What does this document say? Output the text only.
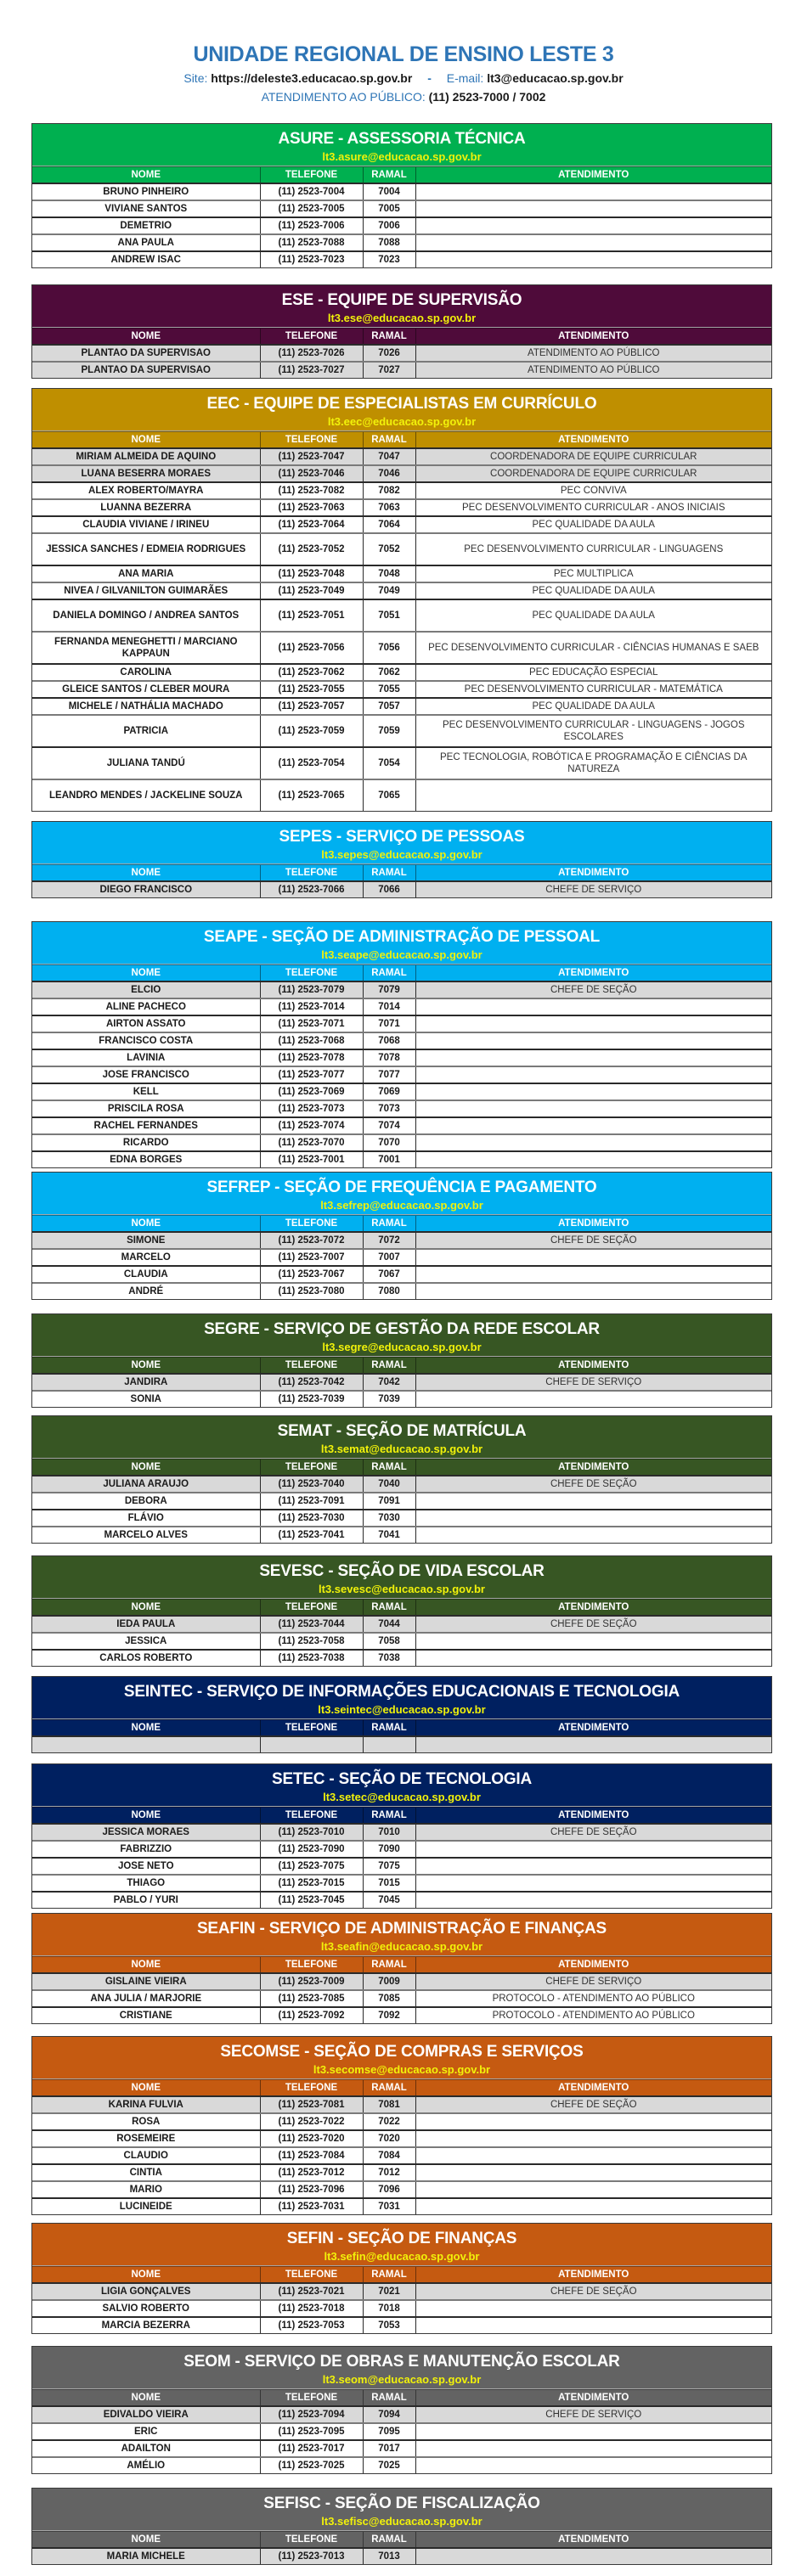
UNIDADE REGIONAL DE ENSINO LESTE 3
Site: https://deleste3.educacao.sp.gov.br - E-mail: lt3@educacao.sp.gov.br
ATENDIMENTO AO PÚBLICO: (11) 2523-7000 / 7002
ASURE - ASSESSORIA TÉCNICA
lt3.asure@educacao.sp.gov.br
NOME	TELEFONE	RAMAL	ATENDIMENTO
BRUNO PINHEIRO	(11) 2523-7004	7004	
VIVIANE SANTOS	(11) 2523-7005	7005	
DEMETRIO	(11) 2523-7006	7006	
ANA PAULA	(11) 2523-7088	7088	
ANDREW ISAC	(11) 2523-7023	7023	
ESE - EQUIPE DE SUPERVISÃO
lt3.ese@educacao.sp.gov.br
NOME	TELEFONE	RAMAL	ATENDIMENTO
PLANTAO DA SUPERVISAO	(11) 2523-7026	7026	ATENDIMENTO AO PÚBLICO
PLANTAO DA SUPERVISAO	(11) 2523-7027	7027	ATENDIMENTO AO PÚBLICO
EEC - EQUIPE DE ESPECIALISTAS EM CURRÍCULO
lt3.eec@educacao.sp.gov.br
NOME	TELEFONE	RAMAL	ATENDIMENTO
MIRIAM ALMEIDA DE AQUINO	(11) 2523-7047	7047	COORDENADORA DE EQUIPE CURRICULAR
LUANA BESERRA MORAES	(11) 2523-7046	7046	COORDENADORA DE EQUIPE CURRICULAR
ALEX ROBERTO/MAYRA	(11) 2523-7082	7082	PEC CONVIVA
LUANNA BEZERRA	(11) 2523-7063	7063	PEC DESENVOLVIMENTO CURRICULAR - ANOS INICIAIS
CLAUDIA VIVIANE / IRINEU	(11) 2523-7064	7064	PEC QUALIDADE DA AULA
JESSICA SANCHES / EDMEIA RODRIGUES	(11) 2523-7052	7052	PEC DESENVOLVIMENTO CURRICULAR - LINGUAGENS
ANA MARIA	(11) 2523-7048	7048	PEC MULTIPLICA
NIVEA / GILVANILTON GUIMARÃES	(11) 2523-7049	7049	PEC QUALIDADE DA AULA
DANIELA DOMINGO / ANDREA SANTOS	(11) 2523-7051	7051	PEC QUALIDADE DA AULA
FERNANDA MENEGHETTI / MARCIANO KAPPAUN	(11) 2523-7056	7056	PEC DESENVOLVIMENTO CURRICULAR - CIÊNCIAS HUMANAS E SAEB
CAROLINA	(11) 2523-7062	7062	PEC EDUCAÇÃO ESPECIAL
GLEICE SANTOS / CLEBER MOURA	(11) 2523-7055	7055	PEC DESENVOLVIMENTO CURRICULAR - MATEMÁTICA
MICHELE / NATHÁLIA MACHADO	(11) 2523-7057	7057	PEC QUALIDADE DA AULA
PATRICIA	(11) 2523-7059	7059	PEC DESENVOLVIMENTO CURRICULAR - LINGUAGENS - JOGOS ESCOLARES
JULIANA TANDÚ	(11) 2523-7054	7054	PEC TECNOLOGIA, ROBÓTICA E PROGRAMAÇÃO E CIÊNCIAS DA NATUREZA
LEANDRO MENDES / JACKELINE SOUZA	(11) 2523-7065	7065	
SEPES - SERVIÇO DE PESSOAS
lt3.sepes@educacao.sp.gov.br
NOME	TELEFONE	RAMAL	ATENDIMENTO
DIEGO FRANCISCO	(11) 2523-7066	7066	CHEFE DE SERVIÇO
SEAPE - SEÇÃO DE ADMINISTRAÇÃO DE PESSOAL
lt3.seape@educacao.sp.gov.br
NOME	TELEFONE	RAMAL	ATENDIMENTO
ELCIO	(11) 2523-7079	7079	CHEFE DE SEÇÃO
ALINE PACHECO	(11) 2523-7014	7014	
AIRTON ASSATO	(11) 2523-7071	7071	
FRANCISCO COSTA	(11) 2523-7068	7068	
LAVINIA	(11) 2523-7078	7078	
JOSE FRANCISCO	(11) 2523-7077	7077	
KELL	(11) 2523-7069	7069	
PRISCILA ROSA	(11) 2523-7073	7073	
RACHEL FERNANDES	(11) 2523-7074	7074	
RICARDO	(11) 2523-7070	7070	
EDNA BORGES	(11) 2523-7001	7001	
SEFREP - SEÇÃO DE FREQUÊNCIA E PAGAMENTO
lt3.sefrep@educacao.sp.gov.br
NOME	TELEFONE	RAMAL	ATENDIMENTO
SIMONE	(11) 2523-7072	7072	CHEFE DE SEÇÃO
MARCELO	(11) 2523-7007	7007	
CLAUDIA	(11) 2523-7067	7067	
ANDRÉ	(11) 2523-7080	7080	
SEGRE - SERVIÇO DE GESTÃO DA REDE ESCOLAR
lt3.segre@educacao.sp.gov.br
NOME	TELEFONE	RAMAL	ATENDIMENTO
JANDIRA	(11) 2523-7042	7042	CHEFE DE SERVIÇO
SONIA	(11) 2523-7039	7039	
SEMAT - SEÇÃO DE MATRÍCULA
lt3.semat@educacao.sp.gov.br
NOME	TELEFONE	RAMAL	ATENDIMENTO
JULIANA ARAUJO	(11) 2523-7040	7040	CHEFE DE SEÇÃO
DEBORA	(11) 2523-7091	7091	
FLÁVIO	(11) 2523-7030	7030	
MARCELO ALVES	(11) 2523-7041	7041	
SEVESC - SEÇÃO DE VIDA ESCOLAR
lt3.sevesc@educacao.sp.gov.br
NOME	TELEFONE	RAMAL	ATENDIMENTO
IEDA PAULA	(11) 2523-7044	7044	CHEFE DE SEÇÃO
JESSICA	(11) 2523-7058	7058	
CARLOS ROBERTO	(11) 2523-7038	7038	
SEINTEC - SERVIÇO DE INFORMAÇÕES EDUCACIONAIS E TECNOLOGIA
lt3.seintec@educacao.sp.gov.br
NOME	TELEFONE	RAMAL	ATENDIMENTO

SETEC - SEÇÃO DE TECNOLOGIA
lt3.setec@educacao.sp.gov.br
NOME	TELEFONE	RAMAL	ATENDIMENTO
JESSICA MORAES	(11) 2523-7010	7010	CHEFE DE SEÇÃO
FABRIZZIO	(11) 2523-7090	7090	
JOSE NETO	(11) 2523-7075	7075	
THIAGO	(11) 2523-7015	7015	
PABLO / YURI	(11) 2523-7045	7045	
SEAFIN - SERVIÇO DE ADMINISTRAÇÃO E FINANÇAS
lt3.seafin@educacao.sp.gov.br
NOME	TELEFONE	RAMAL	ATENDIMENTO
GISLAINE VIEIRA	(11) 2523-7009	7009	CHEFE DE SERVIÇO
ANA JULIA / MARJORIE	(11) 2523-7085	7085	PROTOCOLO - ATENDIMENTO AO PÚBLICO
CRISTIANE	(11) 2523-7092	7092	PROTOCOLO - ATENDIMENTO AO PÚBLICO
SECOMSE - SEÇÃO DE COMPRAS E SERVIÇOS
lt3.secomse@educacao.sp.gov.br
NOME	TELEFONE	RAMAL	ATENDIMENTO
KARINA FULVIA	(11) 2523-7081	7081	CHEFE DE SEÇÃO
ROSA	(11) 2523-7022	7022	
ROSEMEIRE	(11) 2523-7020	7020	
CLAUDIO	(11) 2523-7084	7084	
CINTIA	(11) 2523-7012	7012	
MARIO	(11) 2523-7096	7096	
LUCINEIDE	(11) 2523-7031	7031	
SEFIN - SEÇÃO DE FINANÇAS
lt3.sefin@educacao.sp.gov.br
NOME	TELEFONE	RAMAL	ATENDIMENTO
LIGIA GONÇALVES	(11) 2523-7021	7021	CHEFE DE SEÇÃO
SALVIO ROBERTO	(11) 2523-7018	7018	
MARCIA BEZERRA	(11) 2523-7053	7053	
SEOM - SERVIÇO DE OBRAS E MANUTENÇÃO ESCOLAR
lt3.seom@educacao.sp.gov.br
NOME	TELEFONE	RAMAL	ATENDIMENTO
EDIVALDO VIEIRA	(11) 2523-7094	7094	CHEFE DE SERVIÇO
ERIC	(11) 2523-7095	7095	
ADAILTON	(11) 2523-7017	7017	
AMÉLIO	(11) 2523-7025	7025	
SEFISC - SEÇÃO DE FISCALIZAÇÃO
lt3.sefisc@educacao.sp.gov.br
NOME	TELEFONE	RAMAL	ATENDIMENTO
MARIA MICHELE	(11) 2523-7013	7013	
